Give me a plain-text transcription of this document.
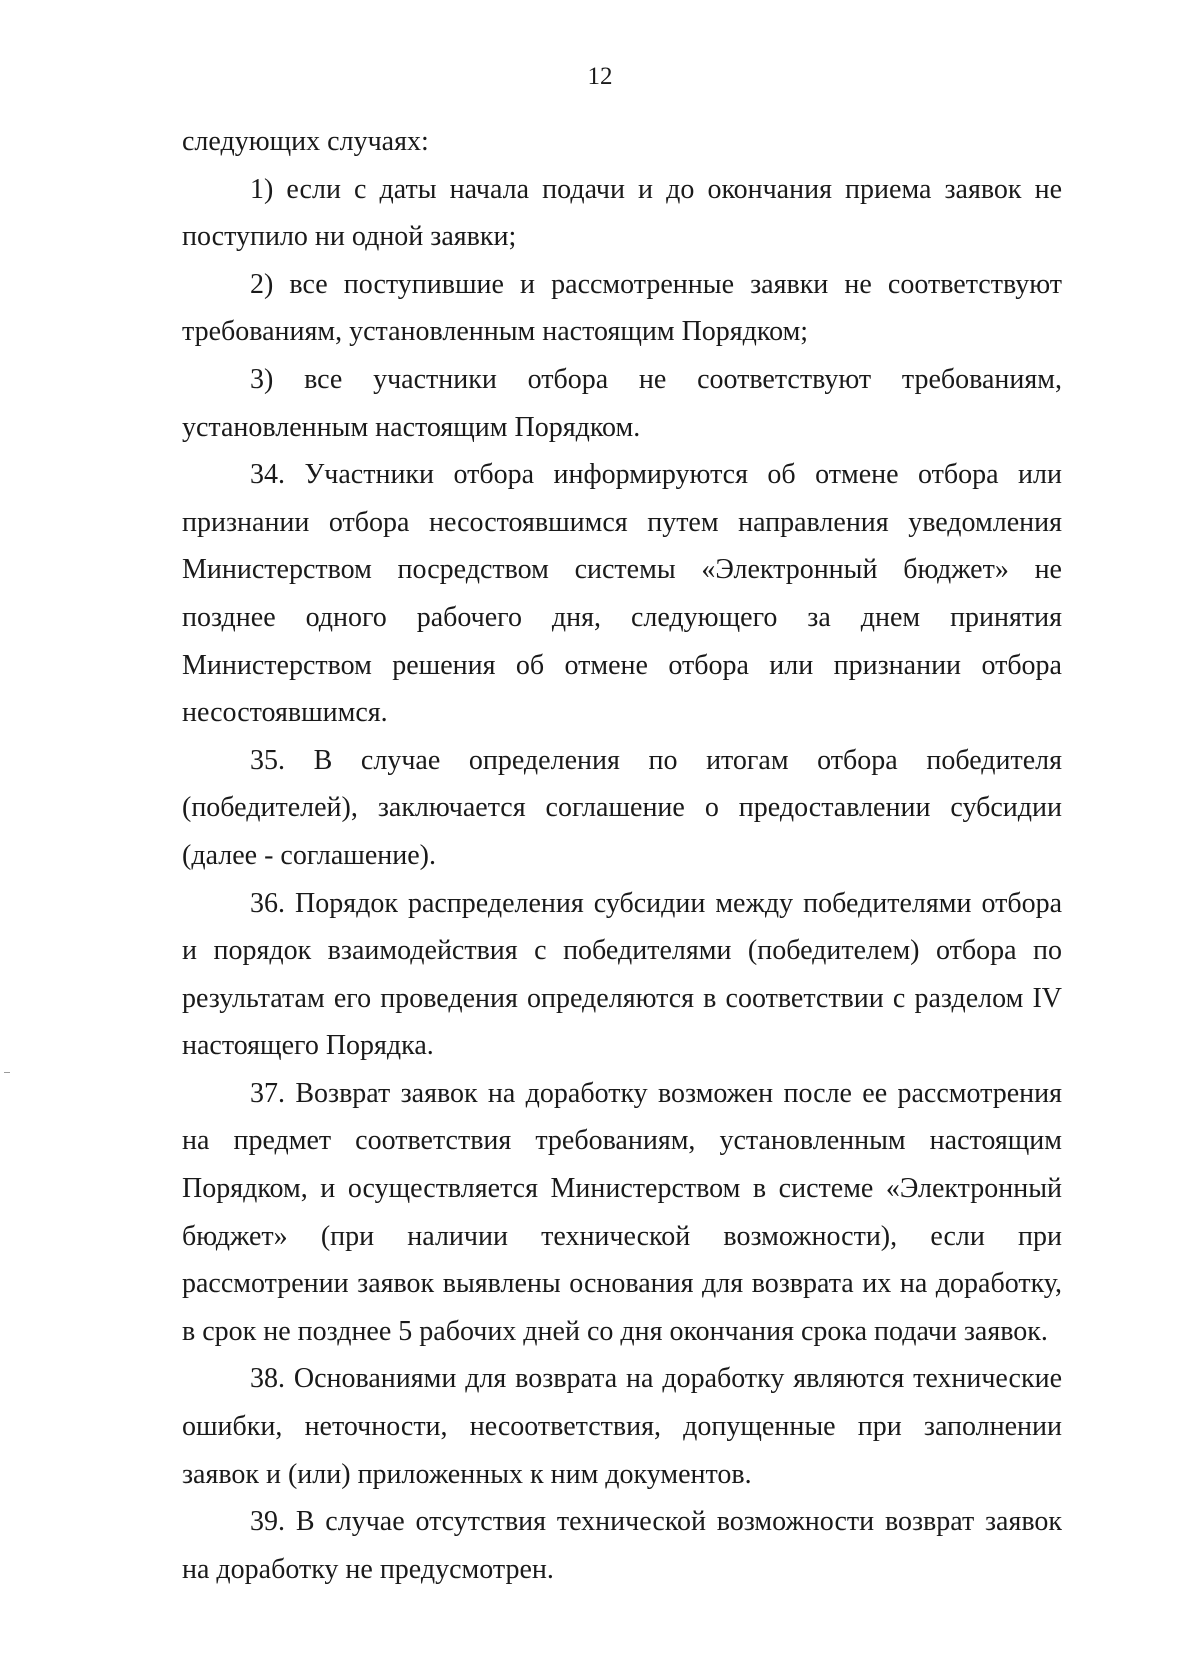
12

следующих случаях:

1) если с даты начала подачи и до окончания приема заявок не поступило ни одной заявки;

2) все поступившие и рассмотренные заявки не соответствуют требованиям, установленным настоящим Порядком;

3) все участники отбора не соответствуют требованиям, установленным настоящим Порядком.

34. Участники отбора информируются об отмене отбора или признании отбора несостоявшимся путем направления уведомления Министерством посредством системы «Электронный бюджет» не позднее одного рабочего дня, следующего за днем принятия Министерством решения об отмене отбора или признании отбора несостоявшимся.

35. В случае определения по итогам отбора победителя (победителей), заключается соглашение о предоставлении субсидии (далее - соглашение).

36. Порядок распределения субсидии между победителями отбора и порядок взаимодействия с победителями (победителем) отбора по результатам его проведения определяются в соответствии с разделом IV настоящего Порядка.

37. Возврат заявок на доработку возможен после ее рассмотрения на предмет соответствия требованиям, установленным настоящим Порядком, и осуществляется Министерством в системе «Электронный бюджет» (при наличии технической возможности), если при рассмотрении заявок выявлены основания для возврата их на доработку, в срок не позднее 5 рабочих дней со дня окончания срока подачи заявок.

38. Основаниями для возврата на доработку являются технические ошибки, неточности, несоответствия, допущенные при заполнении заявок и (или) приложенных к ним документов.

39. В случае отсутствия технической возможности возврат заявок на доработку не предусмотрен.
